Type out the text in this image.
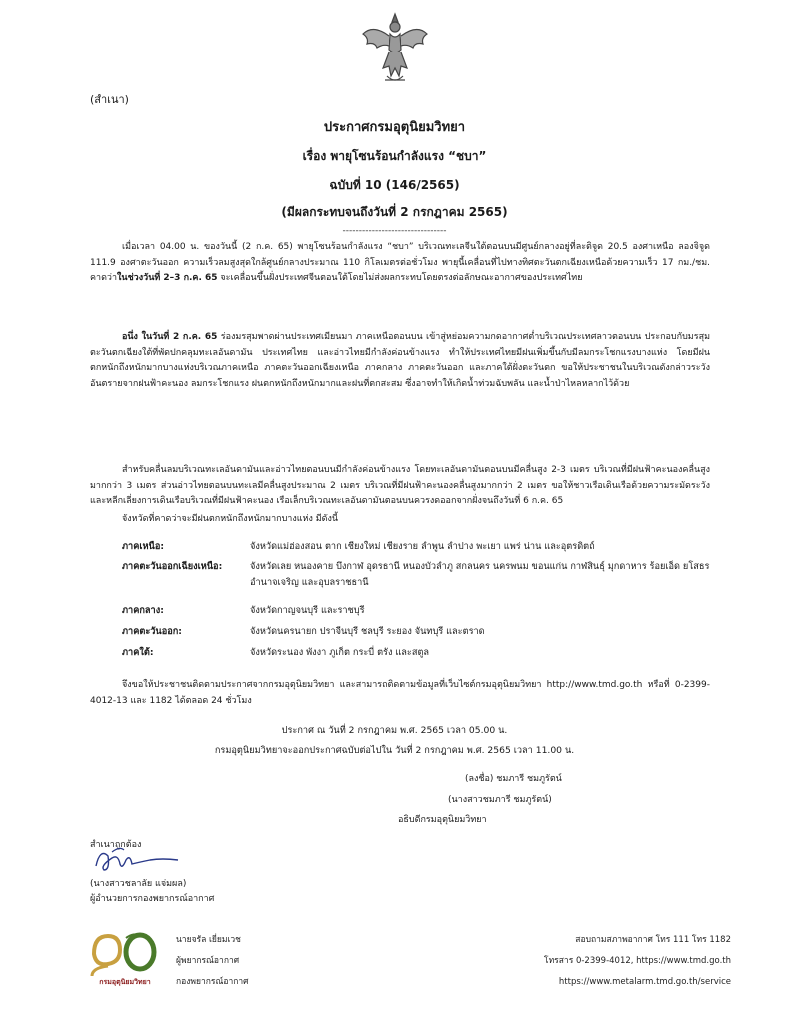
(สำเนา)
ประกาศกรมอุตุนิยมวิทยา
เรื่อง พายุโซนร้อนกำลังแรง “ชบา”
ฉบับที่ 10 (146/2565)
(มีผลกระทบจนถึงวันที่ 2 กรกฎาคม 2565)
--------------------------------
เมื่อเวลา 04.00 น. ของวันนี้ (2 ก.ค. 65) พายุโซนร้อนกำลังแรง “ชบา” บริเวณทะเลจีนใต้ตอนบนมีศูนย์กลางอยู่ที่ละติจูด 20.5 องศาเหนือ ลองจิจูด 111.9 องศาตะวันออก ความเร็วลมสูงสุดใกล้ศูนย์กลางประมาณ 110 กิโลเมตรต่อชั่วโมง พายุนี้เคลื่อนที่ไปทางทิศตะวันตกเฉียงเหนือด้วยความเร็ว 17 กม./ชม. คาดว่าในช่วงวันที่ 2–3 ก.ค. 65 จะเคลื่อนขึ้นฝั่งประเทศจีนตอนใต้โดยไม่ส่งผลกระทบโดยตรงต่อลักษณะอากาศของประเทศไทย
อนึ่ง ในวันที่ 2 ก.ค. 65 ร่องมรสุมพาดผ่านประเทศเมียนมา ภาคเหนือตอนบน เข้าสู่หย่อมความกดอากาศต่ำบริเวณประเทศลาวตอนบน ประกอบกับมรสุมตะวันตกเฉียงใต้ที่พัดปกคลุมทะเลอันดามัน ประเทศไทย และอ่าวไทยมีกำลังค่อนข้างแรง ทำให้ประเทศไทยมีฝนเพิ่มขึ้นกับมีลมกระโชกแรงบางแห่ง โดยมีฝนตกหนักถึงหนักมากบางแห่งบริเวณภาคเหนือ ภาคตะวันออกเฉียงเหนือ ภาคกลาง ภาคตะวันออก และภาคใต้ฝั่งตะวันตก ขอให้ประชาชนในบริเวณดังกล่าวระวังอันตรายจากฝนฟ้าคะนอง ลมกระโชกแรง ฝนตกหนักถึงหนักมากและฝนที่ตกสะสม ซึ่งอาจทำให้เกิดน้ำท่วมฉับพลัน และน้ำป่าไหลหลากไว้ด้วย
สำหรับคลื่นลมบริเวณทะเลอันดามันและอ่าวไทยตอนบนมีกำลังค่อนข้างแรง โดยทะเลอันดามันตอนบนมีคลื่นสูง 2-3 เมตร บริเวณที่มีฝนฟ้าคะนองคลื่นสูงมากกว่า 3 เมตร ส่วนอ่าวไทยตอนบนทะเลมีคลื่นสูงประมาณ 2 เมตร บริเวณที่มีฝนฟ้าคะนองคลื่นสูงมากกว่า 2 เมตร ขอให้ชาวเรือเดินเรือด้วยความระมัดระวัง และหลีกเลี่ยงการเดินเรือบริเวณที่มีฝนฟ้าคะนอง เรือเล็กบริเวณทะเลอันดามันตอนบนควรงดออกจากฝั่งจนถึงวันที่ 6 ก.ค. 65
จังหวัดที่คาดว่าจะมีฝนตกหนักถึงหนักมากบางแห่ง มีดังนี้
ภาคเหนือ:	จังหวัดแม่ฮ่องสอน ตาก เชียงใหม่ เชียงราย ลำพูน ลำปาง พะเยา แพร่ น่าน และอุตรดิตถ์
ภาคตะวันออกเฉียงเหนือ:	จังหวัดเลย หนองคาย บึงกาฬ อุดรธานี หนองบัวลำภู สกลนคร นครพนม ขอนแก่น กาฬสินธุ์ มุกดาหาร ร้อยเอ็ด ยโสธร อำนาจเจริญ และอุบลราชธานี
ภาคกลาง:	จังหวัดกาญจนบุรี และราชบุรี
ภาคตะวันออก:	จังหวัดนครนายก ปราจีนบุรี ชลบุรี ระยอง จันทบุรี และตราด
ภาคใต้:	จังหวัดระนอง พังงา ภูเก็ต กระบี่ ตรัง และสตูล
จึงขอให้ประชาชนติดตามประกาศจากกรมอุตุนิยมวิทยา และสามารถติดตามข้อมูลที่เว็บไซต์กรมอุตุนิยมวิทยา http://www.tmd.go.th หรือที่ 0-2399-4012-13 และ 1182 ได้ตลอด 24 ชั่วโมง
ประกาศ ณ วันที่ 2 กรกฎาคม พ.ศ. 2565 เวลา 05.00 น.
กรมอุตุนิยมวิทยาจะออกประกาศฉบับต่อไปใน วันที่ 2 กรกฎาคม พ.ศ. 2565 เวลา 11.00 น.
(ลงชื่อ) ชมภารี ชมภูรัตน์
(นางสาวชมภารี ชมภูรัตน์)
อธิบดีกรมอุตุนิยมวิทยา
สำเนาถูกต้อง
(นางสาวชลาลัย แจ่มผล)
ผู้อำนวยการกองพยากรณ์อากาศ
กรมอุตุนิยมวิทยา
นายจรัล เยี่ยมเวช
ผู้พยากรณ์อากาศ
กองพยากรณ์อากาศ
สอบถามสภาพอากาศ โทร 111 โทร 1182
โทรสาร 0-2399-4012, https://www.tmd.go.th
https://www.metalarm.tmd.go.th/service
